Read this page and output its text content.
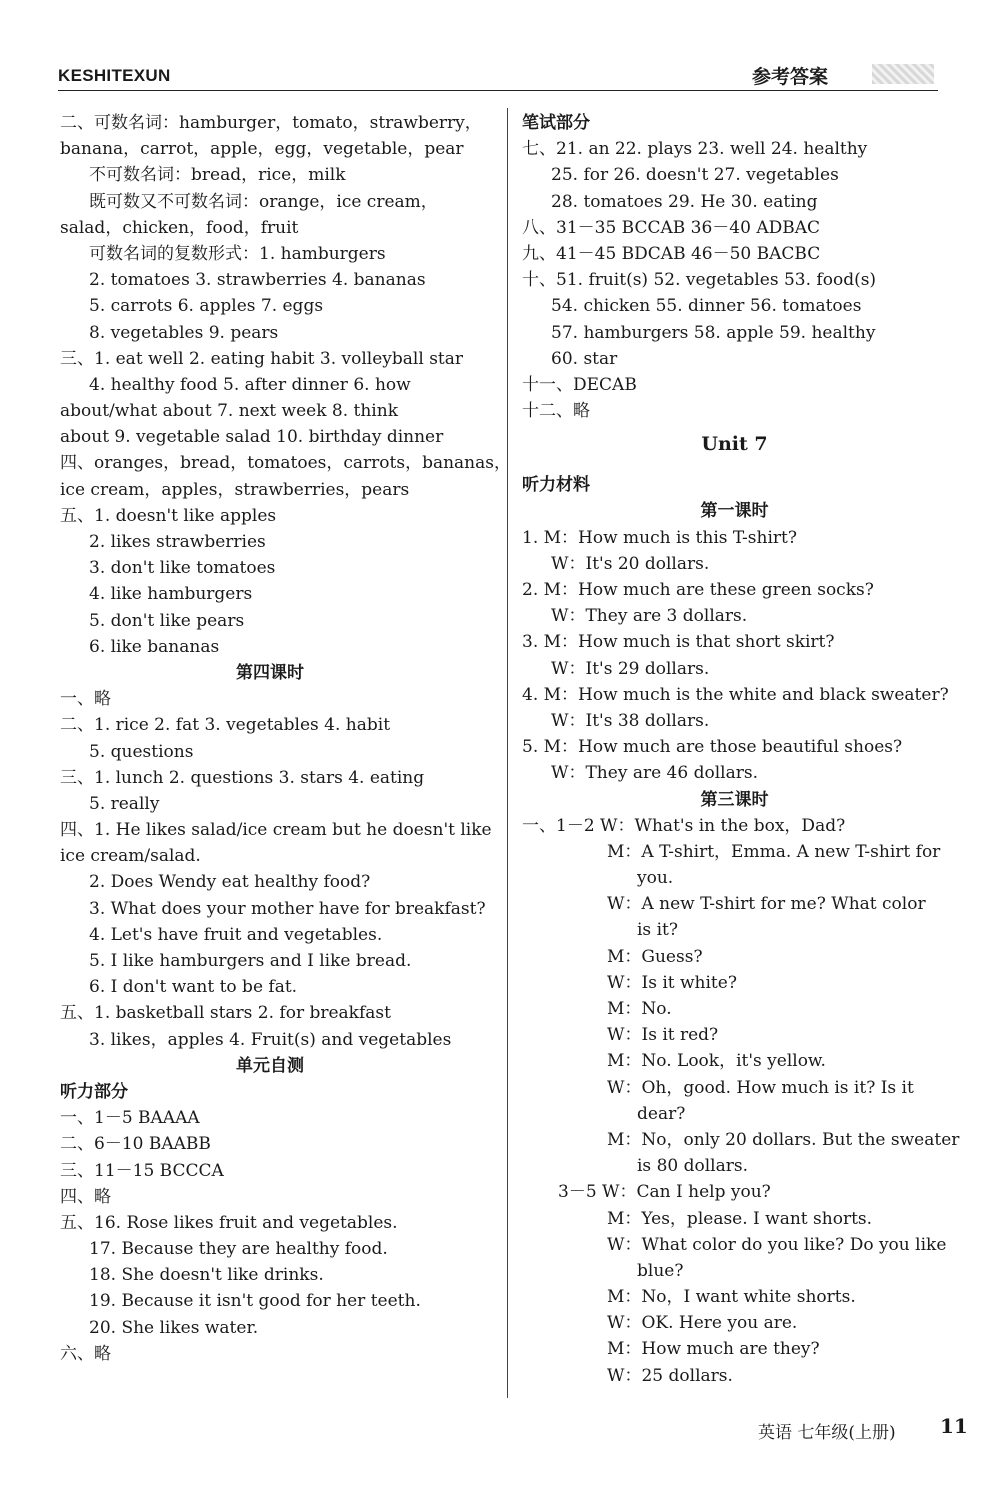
KESHITEXUN	参考答案
二、可数名词：hamburger，tomato，strawberry，
banana，carrot，apple，egg，vegetable，pear
不可数名词：bread，rice，milk
既可数又不可数名词：orange，ice cream，
salad，chicken，food，fruit
可数名词的复数形式：1. hamburgers
2. tomatoes 3. strawberries 4. bananas
5. carrots 6. apples 7. eggs
8. vegetables 9. pears
三、1. eat well 2. eating habit 3. volleyball star
4. healthy food 5. after dinner 6. how
about/what about 7. next week 8. think
about 9. vegetable salad 10. birthday dinner
四、oranges，bread，tomatoes，carrots，bananas，
ice cream，apples，strawberries，pears
五、1. doesn't like apples
2. likes strawberries
3. don't like tomatoes
4. like hamburgers
5. don't like pears
6. like bananas
第四课时
一、略
二、1. rice 2. fat 3. vegetables 4. habit
5. questions
三、1. lunch 2. questions 3. stars 4. eating
5. really
四、1. He likes salad/ice cream but he doesn't like
ice cream/salad.
2. Does Wendy eat healthy food?
3. What does your mother have for breakfast?
4. Let's have fruit and vegetables.
5. I like hamburgers and I like bread.
6. I don't want to be fat.
五、1. basketball stars 2. for breakfast
3. likes，apples 4. Fruit(s) and vegetables
单元自测
听力部分
一、1－5 BAAAA
二、6－10 BAABB
三、11－15 BCCCA
四、略
五、16. Rose likes fruit and vegetables.
17. Because they are healthy food.
18. She doesn't like drinks.
19. Because it isn't good for her teeth.
20. She likes water.
六、略
笔试部分
七、21. an 22. plays 23. well 24. healthy
25. for 26. doesn't 27. vegetables
28. tomatoes 29. He 30. eating
八、31－35 BCCAB 36－40 ADBAC
九、41－45 BDCAB 46－50 BACBC
十、51. fruit(s) 52. vegetables 53. food(s)
54. chicken 55. dinner 56. tomatoes
57. hamburgers 58. apple 59. healthy
60. star
十一、DECAB
十二、略
Unit 7
听力材料
第一课时
1. M：How much is this T-shirt?
W：It's 20 dollars.
2. M：How much are these green socks?
W：They are 3 dollars.
3. M：How much is that short skirt?
W：It's 29 dollars.
4. M：How much is the white and black sweater?
W：It's 38 dollars.
5. M：How much are those beautiful shoes?
W：They are 46 dollars.
第三课时
一、1－2 W：What's in the box，Dad?
M：A T-shirt，Emma. A new T-shirt for
you.
W：A new T-shirt for me? What color
is it?
M：Guess?
W：Is it white?
M：No.
W：Is it red?
M：No. Look，it's yellow.
W：Oh，good. How much is it? Is it
dear?
M：No，only 20 dollars. But the sweater
is 80 dollars.
3－5 W：Can I help you?
M：Yes，please. I want shorts.
W：What color do you like? Do you like
blue?
M：No，I want white shorts.
W：OK. Here you are.
M：How much are they?
W：25 dollars.
英语 七年级(上册) 11
